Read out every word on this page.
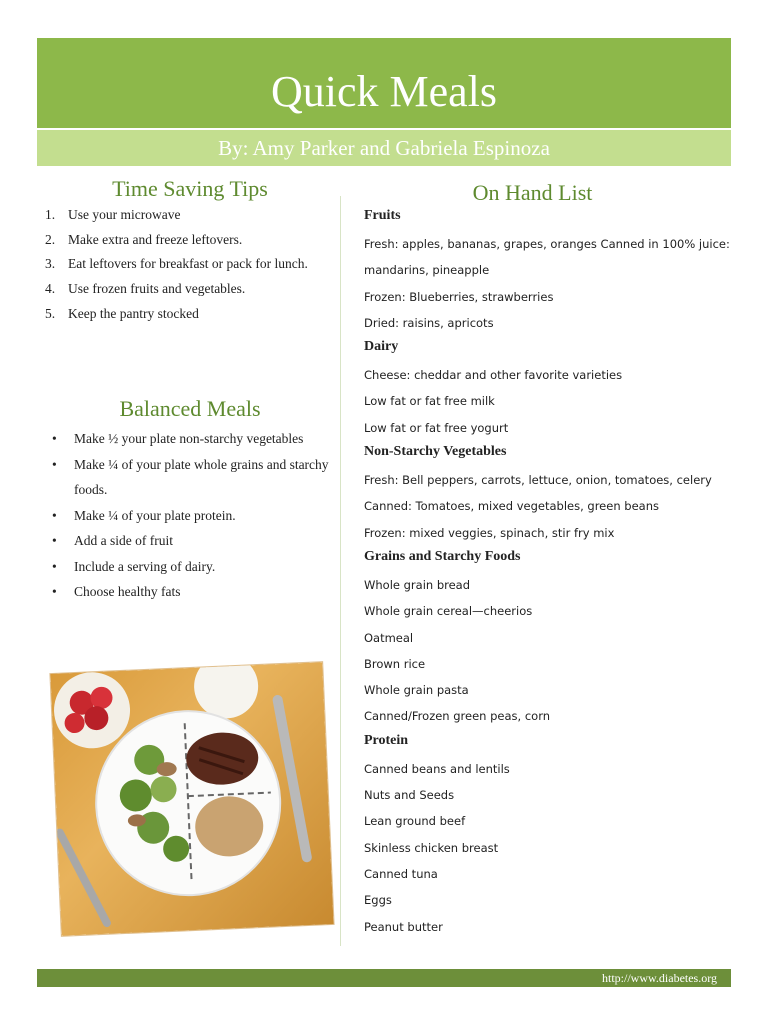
Quick Meals
By: Amy Parker and Gabriela Espinoza
Time Saving Tips
1. Use your microwave
2. Make extra and freeze leftovers.
3. Eat leftovers for breakfast or pack for lunch.
4. Use frozen fruits and vegetables.
5. Keep the pantry stocked
Balanced Meals
•	Make ½ your plate non-starchy vegetables
•	Make ¼ of your plate whole grains and starchy foods.
•	Make ¼ of your plate protein.
•	Add a side of fruit
•	Include a serving of dairy.
•	Choose healthy fats
On Hand List
Fruits
Fresh: apples, bananas, grapes, oranges Canned in 100% juice:
mandarins, pineapple
Frozen: Blueberries, strawberries
Dried: raisins, apricots
Dairy
Cheese: cheddar and other favorite varieties
Low fat or fat free milk
Low fat or fat free yogurt
Non-Starchy Vegetables
Fresh: Bell peppers, carrots, lettuce, onion, tomatoes, celery
Canned: Tomatoes, mixed vegetables, green beans
Frozen: mixed veggies, spinach, stir fry mix
Grains and Starchy Foods
Whole grain bread
Whole grain cereal—cheerios
Oatmeal
Brown rice
Whole grain pasta
Canned/Frozen green peas, corn
Protein
Canned beans and lentils
Nuts and Seeds
Lean ground beef
Skinless chicken breast
Canned tuna
Eggs
Peanut butter
http://www.diabetes.org
